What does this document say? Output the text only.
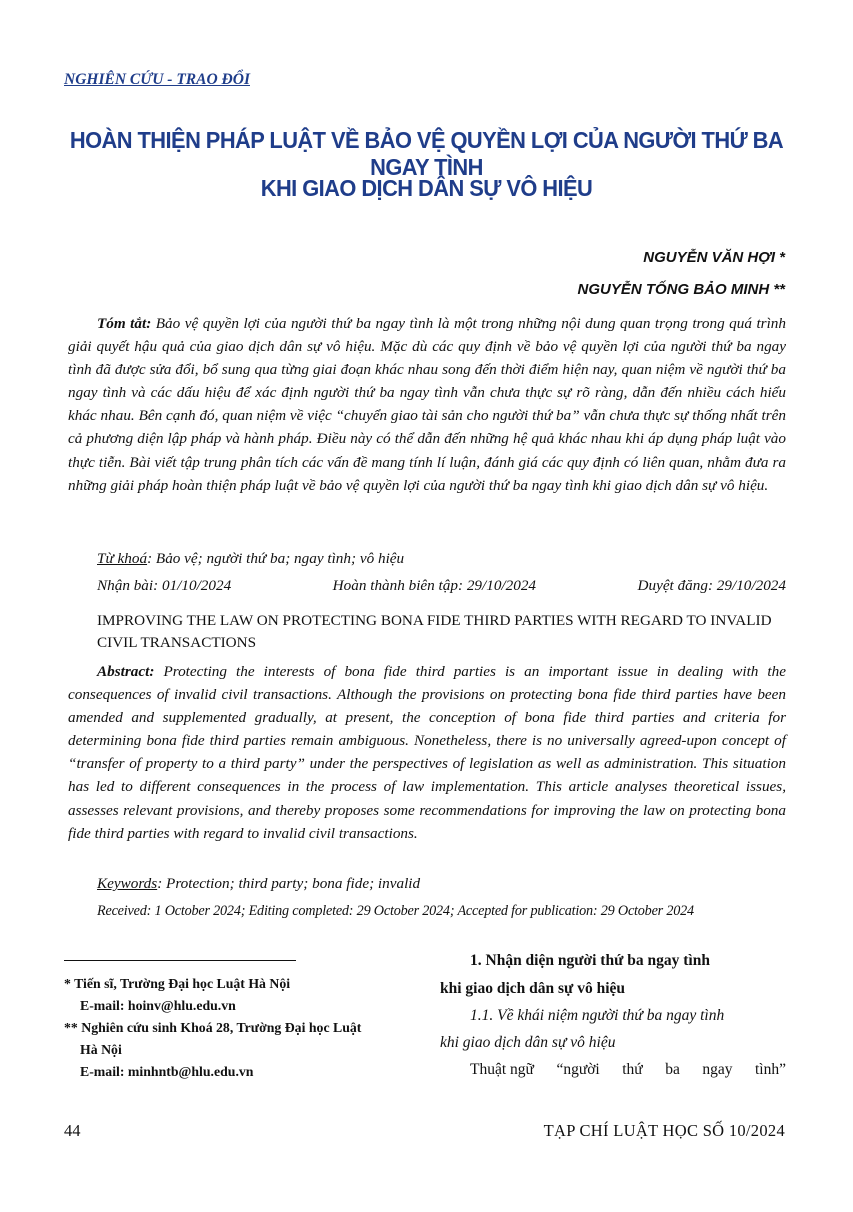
NGHIÊN CỨU - TRAO ĐỔI
HOÀN THIỆN PHÁP LUẬT VỀ BẢO VỆ QUYỀN LỢI CỦA NGƯỜI THỨ BA NGAY TÌNH
KHI GIAO DỊCH DÂN SỰ VÔ HIỆU
NGUYỄN VĂN HỢI *
NGUYỄN TỐNG BẢO MINH **

Tóm tắt: Bảo vệ quyền lợi của người thứ ba ngay tình là một trong những nội dung quan trọng trong quá trình giải quyết hậu quả của giao dịch dân sự vô hiệu. Mặc dù các quy định về bảo vệ quyền lợi của người thứ ba ngay tình đã được sửa đổi, bổ sung qua từng giai đoạn khác nhau song đến thời điểm hiện nay, quan niệm về người thứ ba ngay tình và các dấu hiệu để xác định người thứ ba ngay tình vẫn chưa thực sự rõ ràng, dẫn đến nhiều cách hiểu khác nhau. Bên cạnh đó, quan niệm về việc “chuyển giao tài sản cho người thứ ba” vẫn chưa thực sự thống nhất trên cả phương diện lập pháp và hành pháp. Điều này có thể dẫn đến những hệ quả khác nhau khi áp dụng pháp luật vào thực tiễn. Bài viết tập trung phân tích các vấn đề mang tính lí luận, đánh giá các quy định có liên quan, nhằm đưa ra những giải pháp hoàn thiện pháp luật về bảo vệ quyền lợi của người thứ ba ngay tình khi giao dịch dân sự vô hiệu.

Từ khoá: Bảo vệ; người thứ ba; ngay tình; vô hiệu
Nhận bài: 01/10/2024	Hoàn thành biên tập: 29/10/2024	Duyệt đăng: 29/10/2024
IMPROVING THE LAW ON PROTECTING BONA FIDE THIRD PARTIES WITH REGARD TO INVALID CIVIL TRANSACTIONS

Abstract: Protecting the interests of bona fide third parties is an important issue in dealing with the consequences of invalid civil transactions. Although the provisions on protecting bona fide third parties have been amended and supplemented gradually, at present, the conception of bona fide third parties and criteria for determining bona fide third parties remain ambiguous. Nonetheless, there is no universally agreed-upon concept of “transfer of property to a third party” under the perspectives of legislation as well as administration. This situation has led to different consequences in the process of law implementation. This article analyses theoretical issues, assesses relevant provisions, and thereby proposes some recommendations for improving the law on protecting bona fide third parties with regard to invalid civil transactions.

Keywords: Protection; third party; bona fide; invalid
Received: 1 October 2024; Editing completed: 29 October 2024; Accepted for publication: 29 October 2024
* Tiến sĩ, Trường Đại học Luật Hà Nội
E-mail: hoinv@hlu.edu.vn
** Nghiên cứu sinh Khoá 28, Trường Đại học Luật
Hà Nội
E-mail: minhntb@hlu.edu.vn
1. Nhận diện người thứ ba ngay tình
khi giao dịch dân sự vô hiệu
1.1. Về khái niệm người thứ ba ngay tình
khi giao dịch dân sự vô hiệu
Thuật ngữ “người thứ ba ngay tình”
44	TẠP CHÍ LUẬT HỌC SỐ 10/2024
